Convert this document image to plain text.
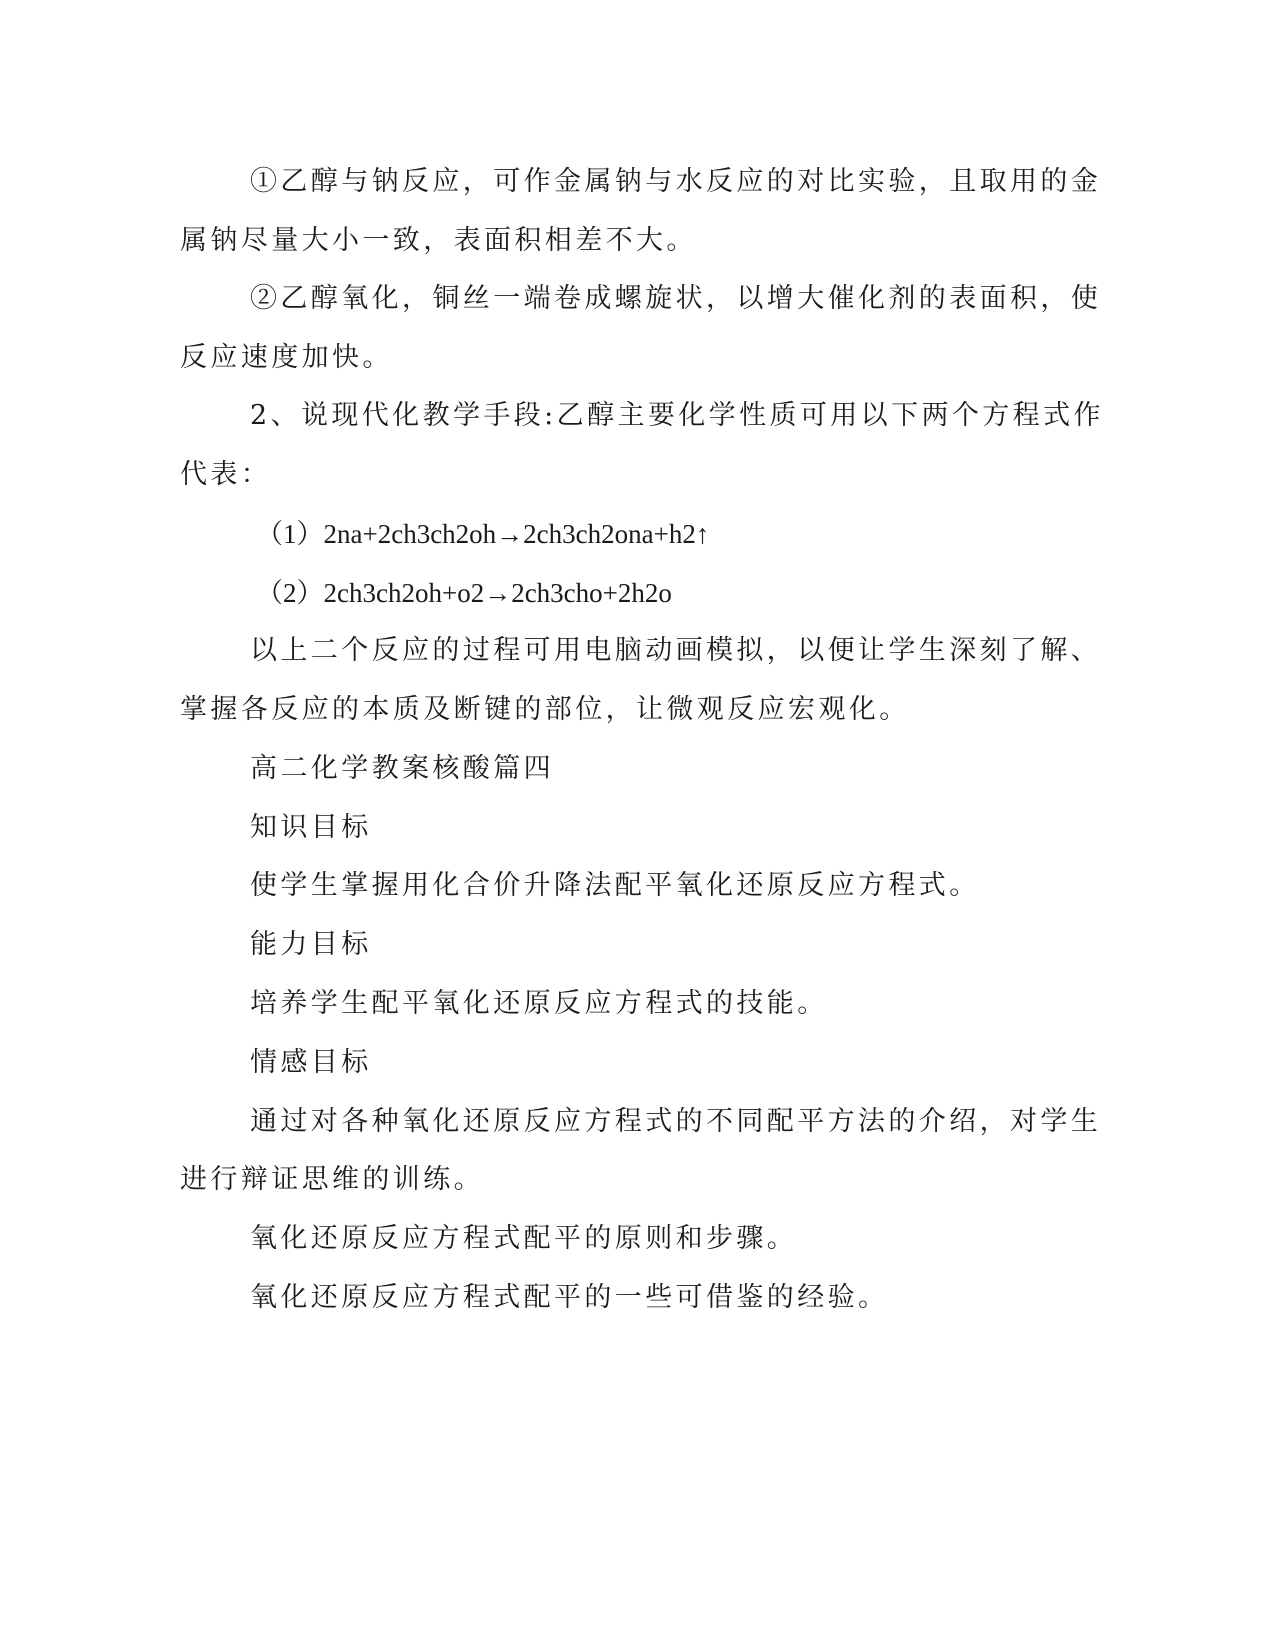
①乙醇与钠反应，可作金属钠与水反应的对比实验，且取用的金
属钠尽量大小一致，表面积相差不大。
②乙醇氧化，铜丝一端卷成螺旋状，以增大催化剂的表面积，使
反应速度加快。
2、说现代化教学手段:乙醇主要化学性质可用以下两个方程式作
代表：
（1）2na+2ch3ch2oh→2ch3ch2ona+h2↑
（2）2ch3ch2oh+o2→2ch3cho+2h2o
以上二个反应的过程可用电脑动画模拟，以便让学生深刻了解、
掌握各反应的本质及断键的部位，让微观反应宏观化。
高二化学教案核酸篇四
知识目标
使学生掌握用化合价升降法配平氧化还原反应方程式。
能力目标
培养学生配平氧化还原反应方程式的技能。
情感目标
通过对各种氧化还原反应方程式的不同配平方法的介绍，对学生
进行辩证思维的训练。
氧化还原反应方程式配平的原则和步骤。
氧化还原反应方程式配平的一些可借鉴的经验。
